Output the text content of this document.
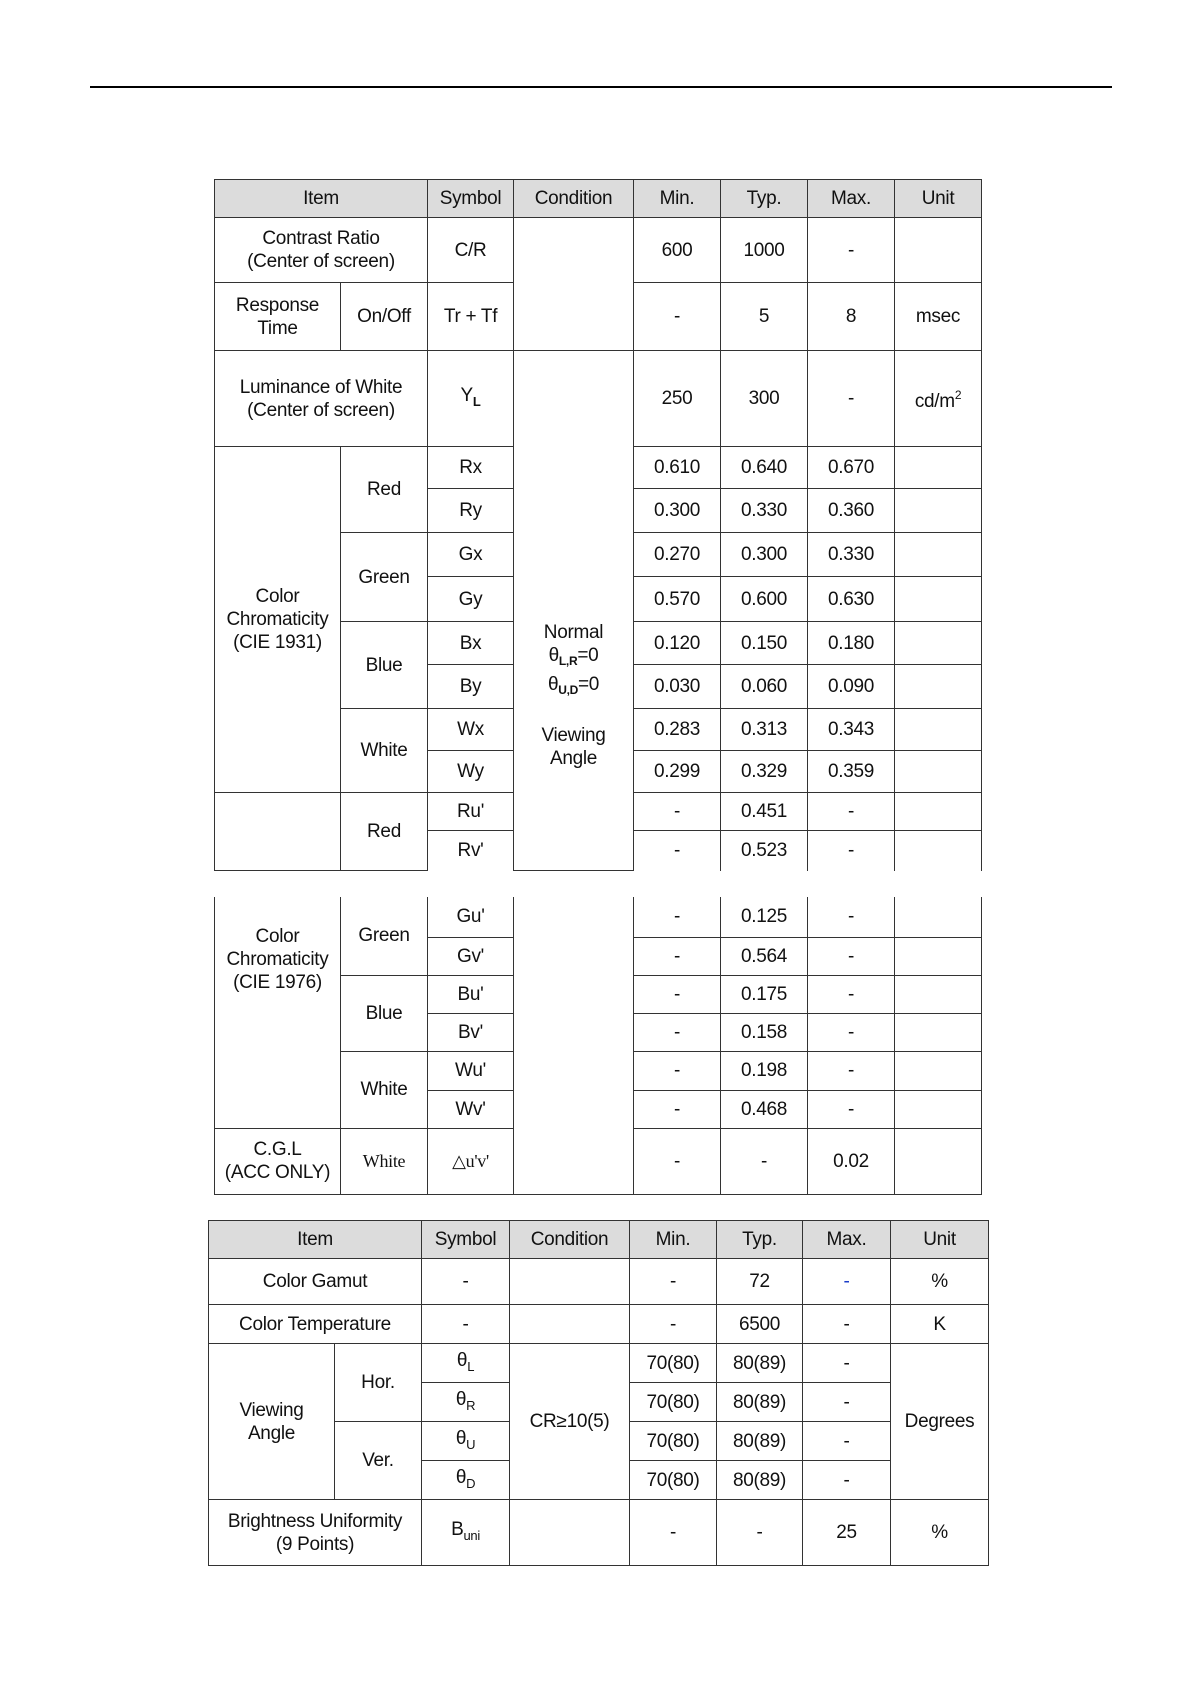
Item		Symbol	Condition	Min.	Typ.	Max.	Unit
Contrast Ratio
(Center of screen)		C/R		600	1000	-	
Response
Time	On/Off	Tr + Tf		-	5	8	msec
Luminance of White
(Center of screen)		$Y_L$	Normal
$\theta_{L,R}=0$
$\theta_{U,D}=0$
Viewing
Angle	250	300	-	$cd/m^2$
Color
Chromaticity
(CIE 1931)	Red	Rx		0.610	0.640	0.670	
		Ry		0.300	0.330	0.360	
	Green	Gx		0.270	0.300	0.330	
		Gy		0.570	0.600	0.630	
	Blue	Bx		0.120	0.150	0.180	
		By		0.030	0.060	0.090	
	White	Wx		0.283	0.313	0.343	
		Wy		0.299	0.329	0.359	
	Red	Ru'		-	0.451	-	
		Rv'		-	0.523	-	
Color
Chromaticity
(CIE 1976)	Green	Gu'		-	0.125	-	
		Gv'		-	0.564	-	
	Blue	Bu'		-	0.175	-	
		Bv'		-	0.158	-	
	White	Wu'		-	0.198	-	
		Wv'		-	0.468	-	
C.G.L
(ACC ONLY)	White	△u'v'		-	-	0.02	
Item		Symbol	Condition	Min.	Typ.	Max.	Unit
Color Gamut		-		-	72	-	%
Color Temperature		-		-	6500	-	K
Viewing
Angle	Hor.	$\theta_L$	CR≥10(5)	70(80)	80(89)	-	Degrees
		$\theta_R$		70(80)	80(89)	-	
	Ver.	$\theta_U$		70(80)	80(89)	-	
		$\theta_D$		70(80)	80(89)	-	
Brightness Uniformity
(9 Points)		$B_{uni}$		-	-	25	%
